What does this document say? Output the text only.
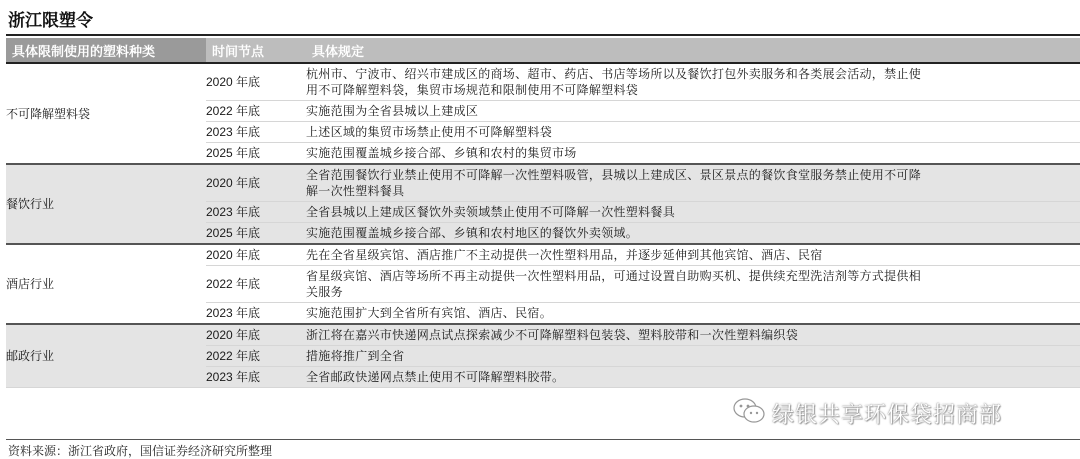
浙江限塑令
具体限制使用的塑料种类	时间节点	具体规定
不可降解塑料袋	2020 年底	杭州市、宁波市、绍兴市建成区的商场、超市、药店、书店等场所以及餐饮打包外卖服务和各类展会活动，禁止使
用不可降解塑料袋，集贸市场规范和限制使用不可降解塑料袋
	2022 年底	实施范围为全省县城以上建成区
	2023 年底	上述区域的集贸市场禁止使用不可降解塑料袋
	2025 年底	实施范围覆盖城乡接合部、乡镇和农村的集贸市场
餐饮行业	2020 年底	全省范围餐饮行业禁止使用不可降解一次性塑料吸管，县城以上建成区、景区景点的餐饮食堂服务禁止使用不可降
解一次性塑料餐具
	2023 年底	全省县城以上建成区餐饮外卖领域禁止使用不可降解一次性塑料餐具
	2025 年底	实施范围覆盖城乡接合部、乡镇和农村地区的餐饮外卖领域。
酒店行业	2020 年底	先在全省星级宾馆、酒店推广不主动提供一次性塑料用品，并逐步延伸到其他宾馆、酒店、民宿
	2022 年底	省星级宾馆、酒店等场所不再主动提供一次性塑料用品，可通过设置自助购买机、提供续充型洗洁剂等方式提供相
关服务
	2023 年底	实施范围扩大到全省所有宾馆、酒店、民宿。
邮政行业	2020 年底	浙江将在嘉兴市快递网点试点探索减少不可降解塑料包装袋、塑料胶带和一次性塑料编织袋
	2022 年底	措施将推广到全省
	2023 年底	全省邮政快递网点禁止使用不可降解塑料胶带。
资料来源：浙江省政府，国信证券经济研究所整理
绿银共享环保袋招商部
